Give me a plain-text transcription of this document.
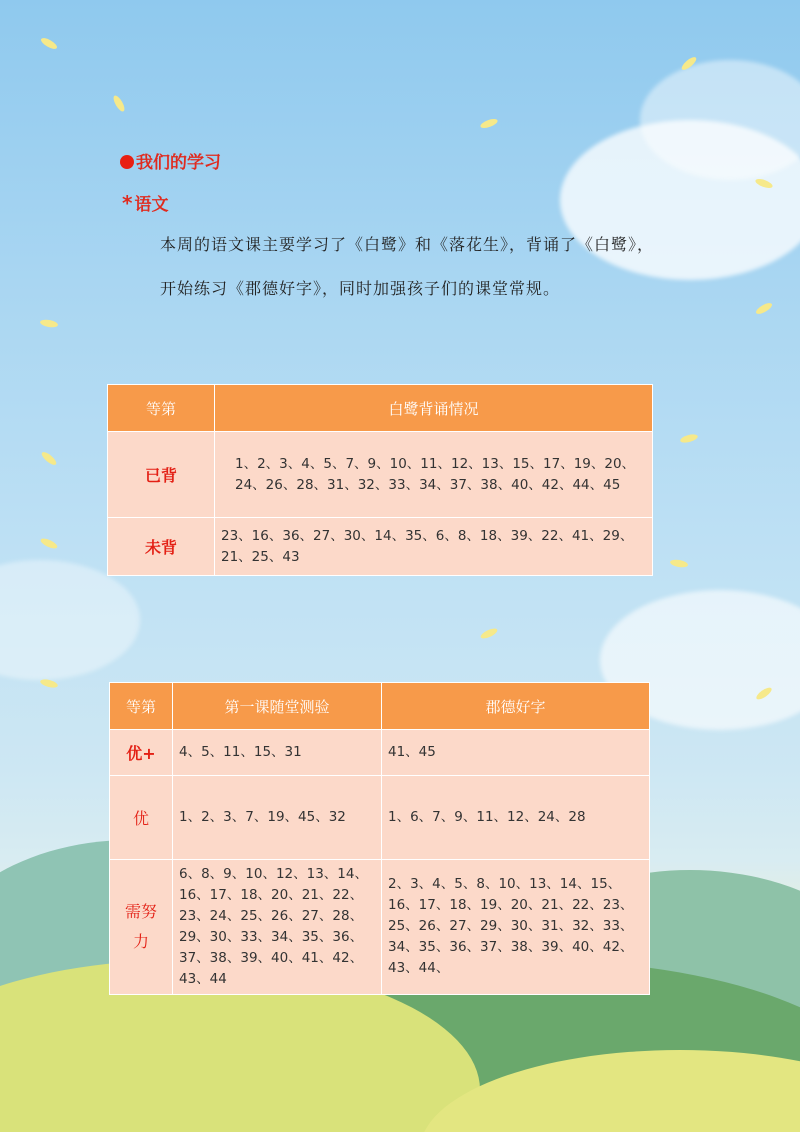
我们的学习
* 语文
本周的语文课主要学习了《白鹭》和《落花生》，背诵了《白鹭》，
开始练习《郡德好字》，同时加强孩子们的课堂常规。
等第	白鹭背诵情况
已背	1、2、3、4、5、7、9、10、11、12、13、15、17、19、20、24、26、28、31、32、33、34、37、38、40、42、44、45
未背	23、16、36、27、30、14、35、6、8、18、39、22、41、29、21、25、43
等第	第一课随堂测验	郡德好字
优+	4、5、11、15、31	41、45
优	1、2、3、7、19、45、32	1、6、7、9、11、12、24、28
需努力	6、8、9、10、12、13、14、16、17、18、20、21、22、23、24、25、26、27、28、29、30、33、34、35、36、37、38、39、40、41、42、43、44	2、3、4、5、8、10、13、14、15、16、17、18、19、20、21、22、23、25、26、27、29、30、31、32、33、34、35、36、37、38、39、40、42、43、44、
